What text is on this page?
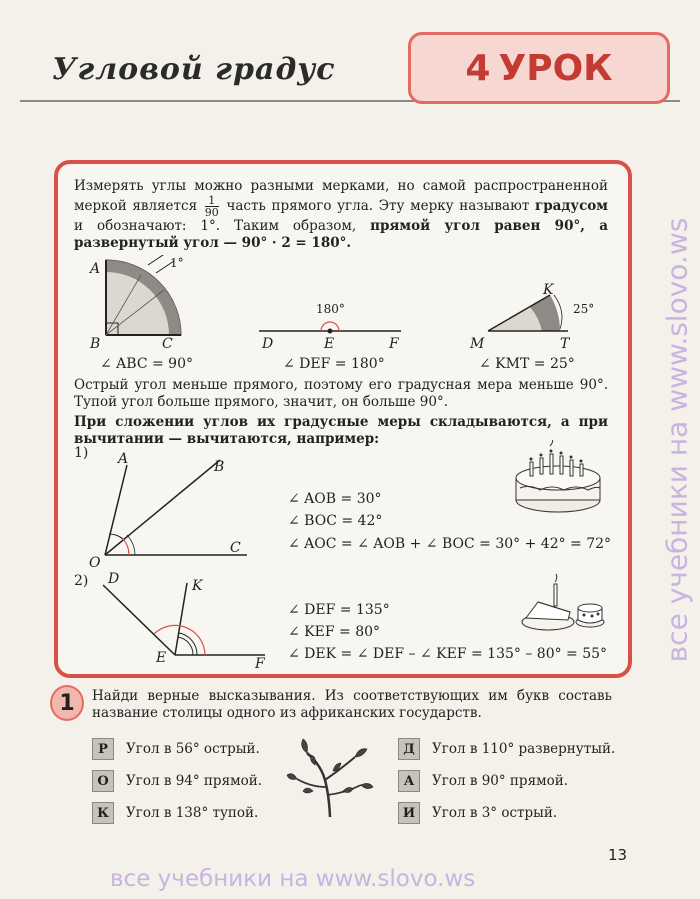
Угловой градус	4 УРОК
Измерять углы можно разными мерками, но самой распространенной меркой является $\frac{1}{90}$ часть прямого угла. Эту мерку называют градусом и обозначают: 1°. Таким образом, прямой угол равен 90°, а развернутый угол — 90° · 2 = 180°.
A
B	C
1°
∠ ABC = 90°
180°
D	E	F
∠ DEF = 180°
K
M	T
25°
∠ KMT = 25°
Острый угол меньше прямого, поэтому его градусная мера меньше 90°. Тупой угол больше прямого, значит, он больше 90°.
При сложении углов их градусные меры складываются, а при вычитании — вычитаются, например:
1) A	B
O
C
∠ AOB = 30°
∠ BOC = 42°
∠ AOC = ∠ AOB + ∠ BOC = 30° + 42° = 72°
2) D	K
E	F
∠ DEF = 135°
∠ KEF = 80°
∠ DEK = ∠ DEF – ∠ KEF = 135° – 80° = 55°
1	Найди верные высказывания. Из соответствующих им букв составь название столицы одного из африканских государств.
Р	Угол в 56° острый.
О	Угол в 94° прямой.
К	Угол в 138° тупой.
Д	Угол в 110° развернутый.
А	Угол в 90° прямой.
И	Угол в 3° острый.
13
все учебники на www.slovo.ws
все учебники на www.slovo.ws
